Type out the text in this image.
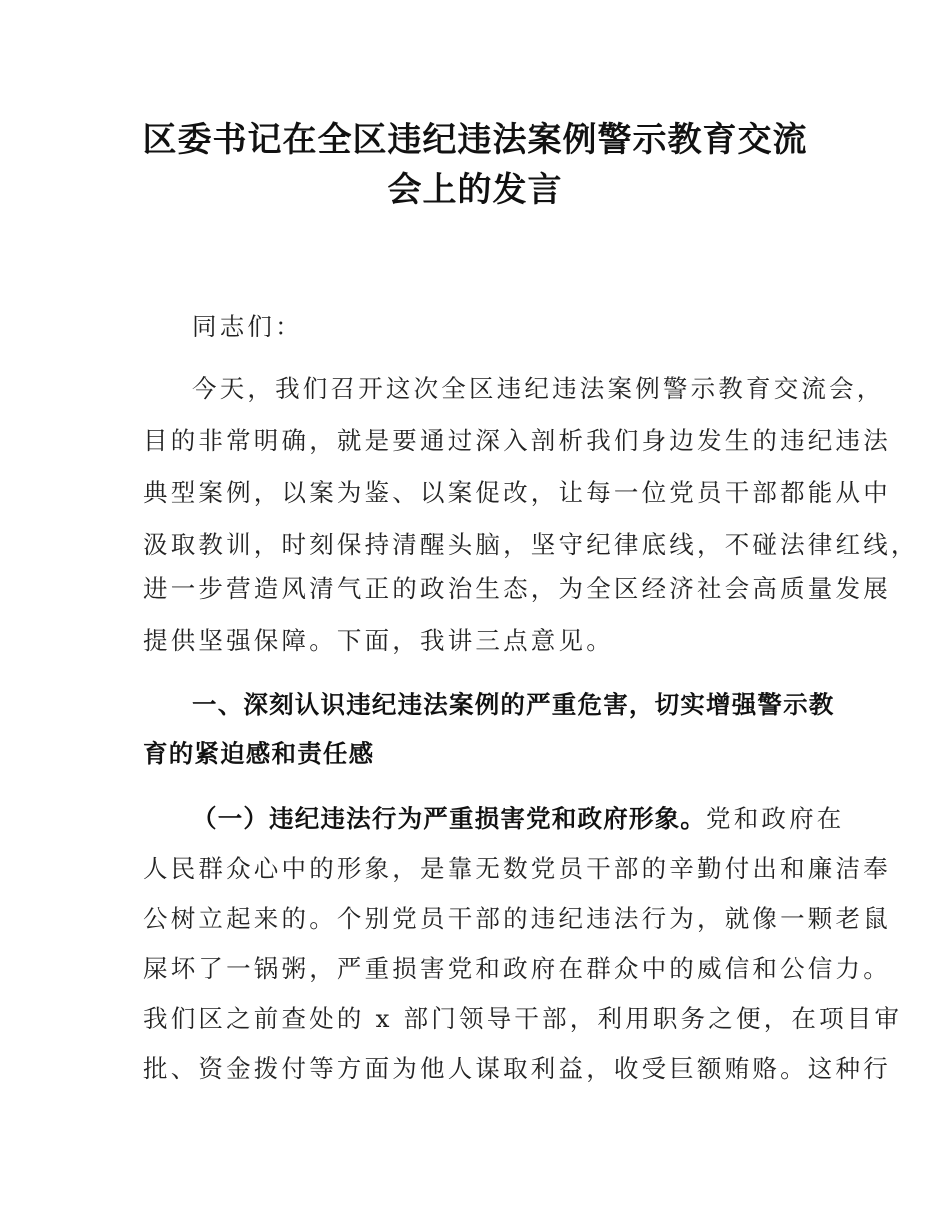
区委书记在全区违纪违法案例警示教育交流
会上的发言
同志们：
今天，我们召开这次全区违纪违法案例警示教育交流会，
目的非常明确，就是要通过深入剖析我们身边发生的违纪违法
典型案例，以案为鉴、以案促改，让每一位党员干部都能从中
汲取教训，时刻保持清醒头脑，坚守纪律底线，不碰法律红线，
进一步营造风清气正的政治生态，为全区经济社会高质量发展
提供坚强保障。下面，我讲三点意见。
一、深刻认识违纪违法案例的严重危害，切实增强警示教
育的紧迫感和责任感
（一）违纪违法行为严重损害党和政府形象。党和政府在
人民群众心中的形象，是靠无数党员干部的辛勤付出和廉洁奉
公树立起来的。个别党员干部的违纪违法行为，就像一颗老鼠
屎坏了一锅粥，严重损害党和政府在群众中的威信和公信力。
我们区之前查处的 x 部门领导干部，利用职务之便，在项目审
批、资金拨付等方面为他人谋取利益，收受巨额贿赂。这种行
